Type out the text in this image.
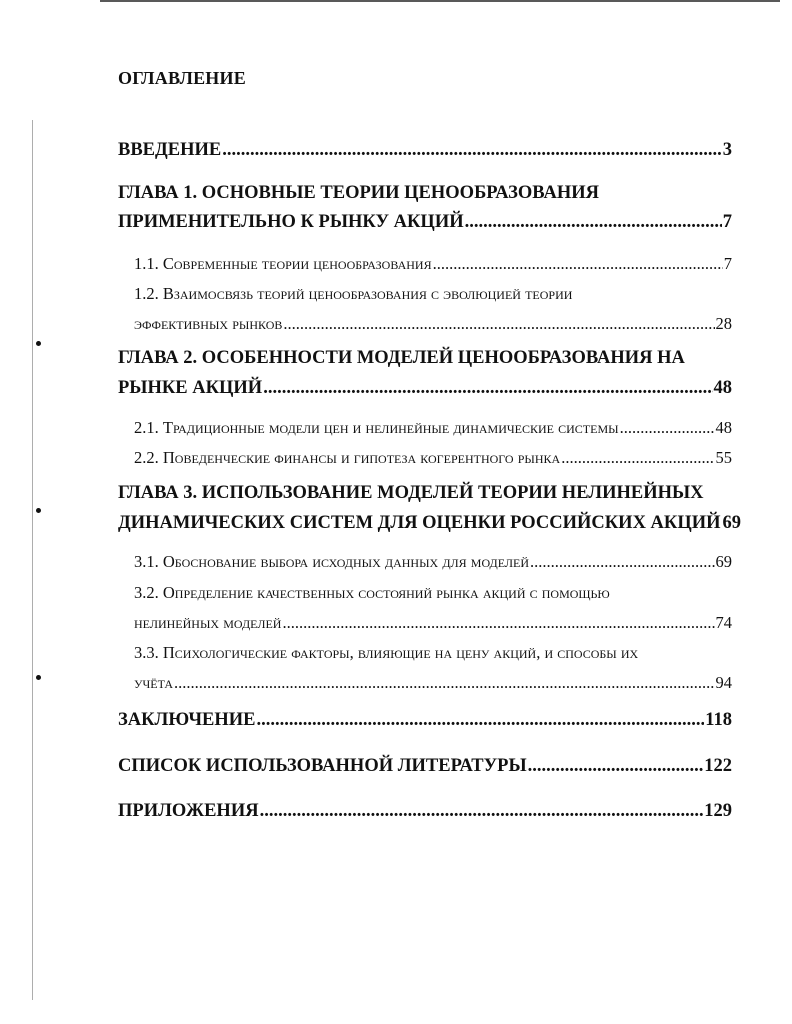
ОГЛАВЛЕНИЕ
ВВЕДЕНИЕ .....	3
ГЛАВА 1. ОСНОВНЫЕ ТЕОРИИ ЦЕНООБРАЗОВАНИЯ
ПРИМЕНИТЕЛЬНО К РЫНКУ АКЦИЙ .....	7
1.1. Современные теории ценообразования .....	7
1.2. Взаимосвязь теорий ценообразования с эволюцией теории
эффективных рынков .....	28
ГЛАВА 2. ОСОБЕННОСТИ МОДЕЛЕЙ ЦЕНООБРАЗОВАНИЯ НА
РЫНКЕ АКЦИЙ .....	48
2.1. Традиционные модели цен и нелинейные динамические системы .....	48
2.2. Поведенческие финансы и гипотеза когерентного рынка .....	55
ГЛАВА 3. ИСПОЛЬЗОВАНИЕ МОДЕЛЕЙ ТЕОРИИ НЕЛИНЕЙНЫХ
ДИНАМИЧЕСКИХ СИСТЕМ ДЛЯ ОЦЕНКИ РОССИЙСКИХ АКЦИЙ 69
3.1. Обоснование выбора исходных данных для моделей .....	69
3.2. Определение качественных состояний рынка акций с помощью
нелинейных моделей .....	74
3.3. Психологические факторы, влияющие на цену акций, и способы их
учёта .....	94
ЗАКЛЮЧЕНИЕ .....	118
СПИСОК ИСПОЛЬЗОВАННОЙ ЛИТЕРАТУРЫ .....	122
ПРИЛОЖЕНИЯ .....	129
